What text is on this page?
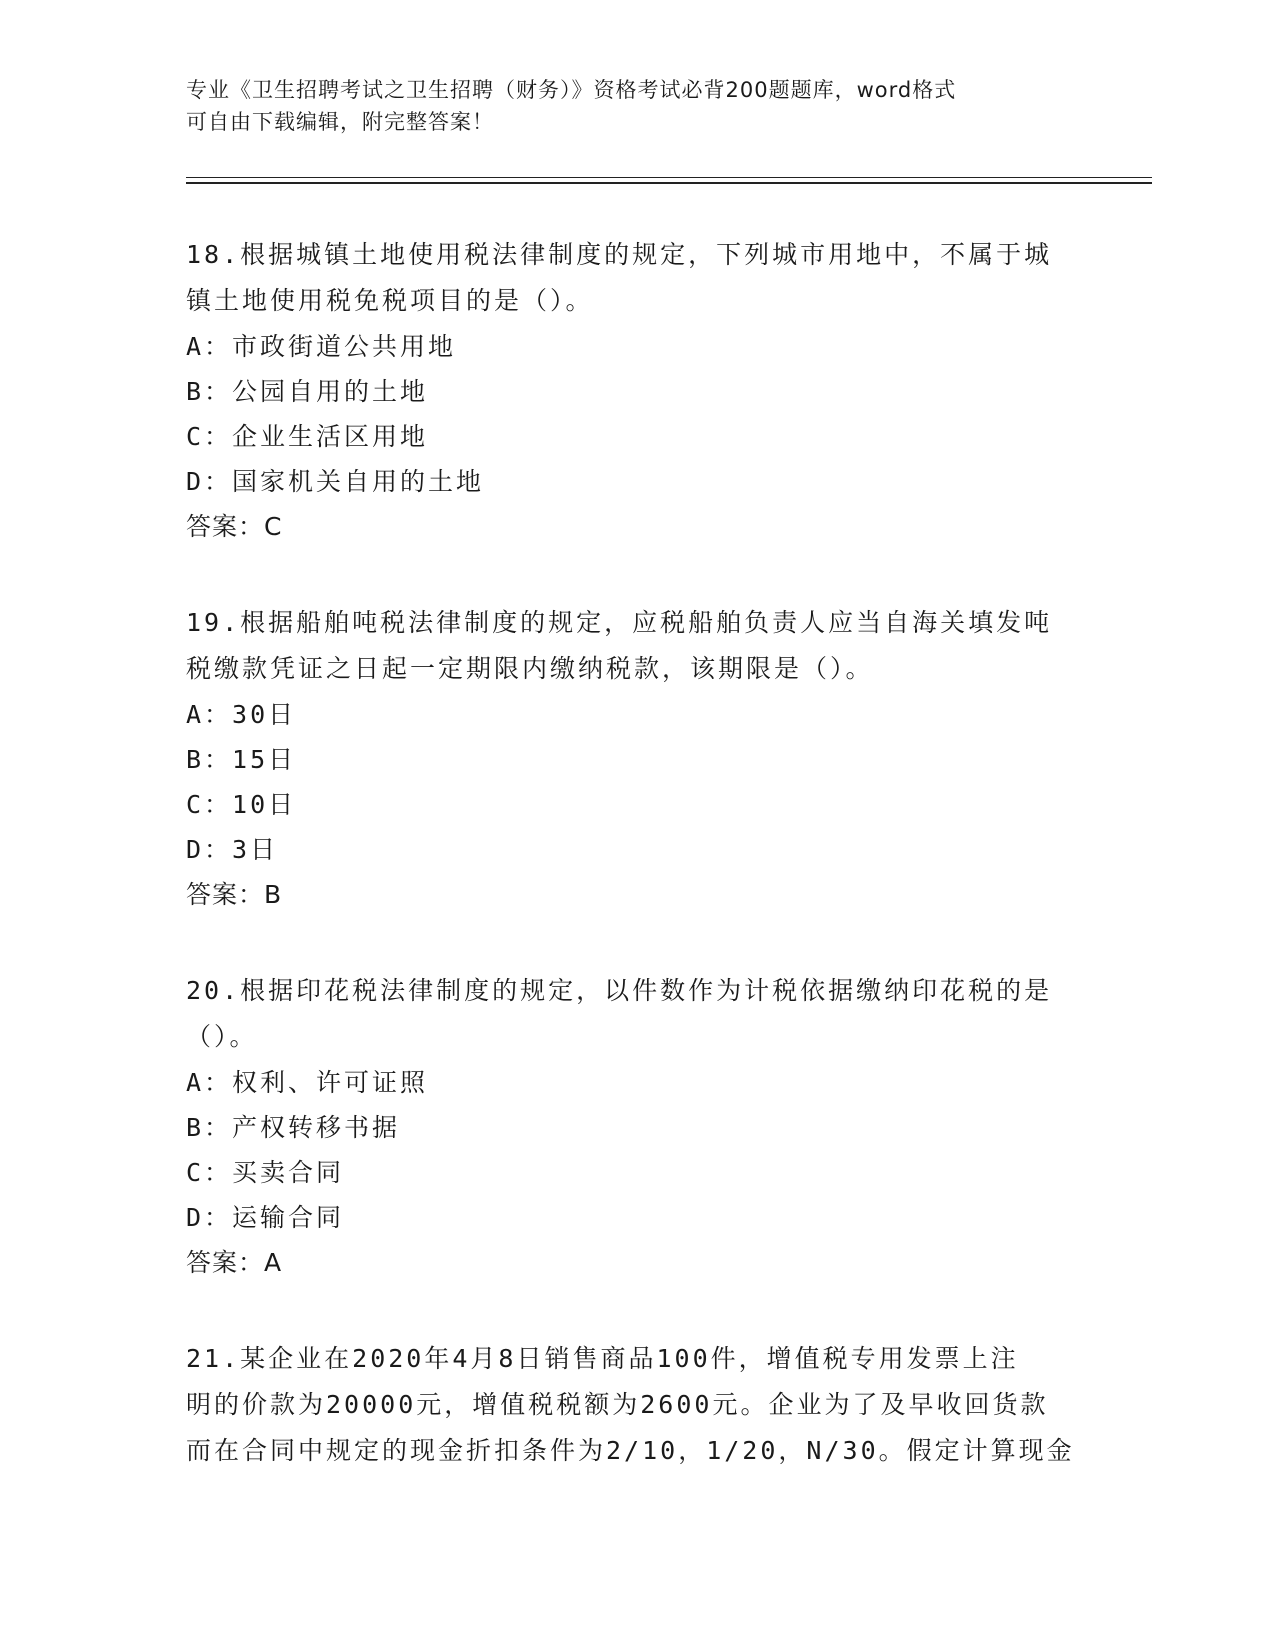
专业《卫生招聘考试之卫生招聘（财务）》资格考试必背200题题库，word格式
可自由下载编辑，附完整答案！
18.根据城镇土地使用税法律制度的规定，下列城市用地中，不属于城
镇土地使用税免税项目的是（）。
A：市政街道公共用地
B：公园自用的土地
C：企业生活区用地
D：国家机关自用的土地
答案：C
19.根据船舶吨税法律制度的规定，应税船舶负责人应当自海关填发吨
税缴款凭证之日起一定期限内缴纳税款，该期限是（）。
A：30日
B：15日
C：10日
D：3日
答案：B
20.根据印花税法律制度的规定，以件数作为计税依据缴纳印花税的是
（）。
A：权利、许可证照
B：产权转移书据
C：买卖合同
D：运输合同
答案：A
21.某企业在2020年4月8日销售商品100件，增值税专用发票上注
明的价款为20000元，增值税税额为2600元。企业为了及早收回货款
而在合同中规定的现金折扣条件为2/10，1/20，N/30。假定计算现金
